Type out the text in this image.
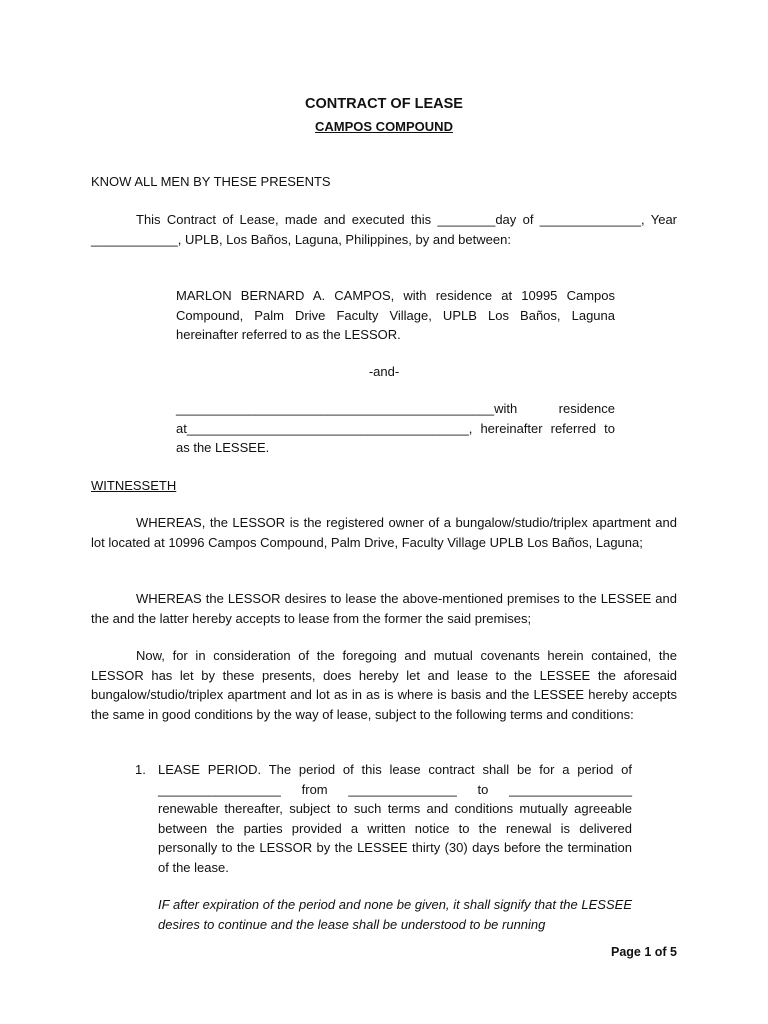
CONTRACT OF LEASE
CAMPOS COMPOUND

KNOW ALL MEN BY THESE PRESENTS

This Contract of Lease, made and executed this ________day of ______________, Year ____________, UPLB, Los Baños, Laguna, Philippines, by and between:

MARLON BERNARD A. CAMPOS, with residence at 10995 Campos Compound, Palm Drive Faculty Village, UPLB Los Baños, Laguna hereinafter referred to as the LESSOR.

-and-
____________________________________________with residence
at_______________________________________, hereinafter referred to
as the LESSEE.

WITNESSETH

WHEREAS, the LESSOR is the registered owner of a bungalow/studio/triplex apartment and lot located at 10996 Campos Compound, Palm Drive, Faculty Village UPLB Los Baños, Laguna;

WHEREAS the LESSOR desires to lease the above-mentioned premises to the LESSEE and the and the latter hereby accepts to lease from the former the said premises;

Now, for in consideration of the foregoing and mutual covenants herein contained, the LESSOR has let by these presents, does hereby let and lease to the LESSEE the aforesaid bungalow/studio/triplex apartment and lot as in as is where is basis and the LESSEE hereby accepts the same in good conditions by the way of lease, subject to the following terms and conditions:

1. LEASE PERIOD. The period of this lease contract shall be for a period of
_________________ from _______________ to _________________
renewable thereafter, subject to such terms and conditions mutually agreeable between the parties provided a written notice to the renewal is delivered personally to the LESSOR by the LESSEE thirty (30) days before the termination of the lease.
IF after expiration of the period and none be given, it shall signify that the LESSEE desires to continue and the lease shall be understood to be running
Page 1 of 5
